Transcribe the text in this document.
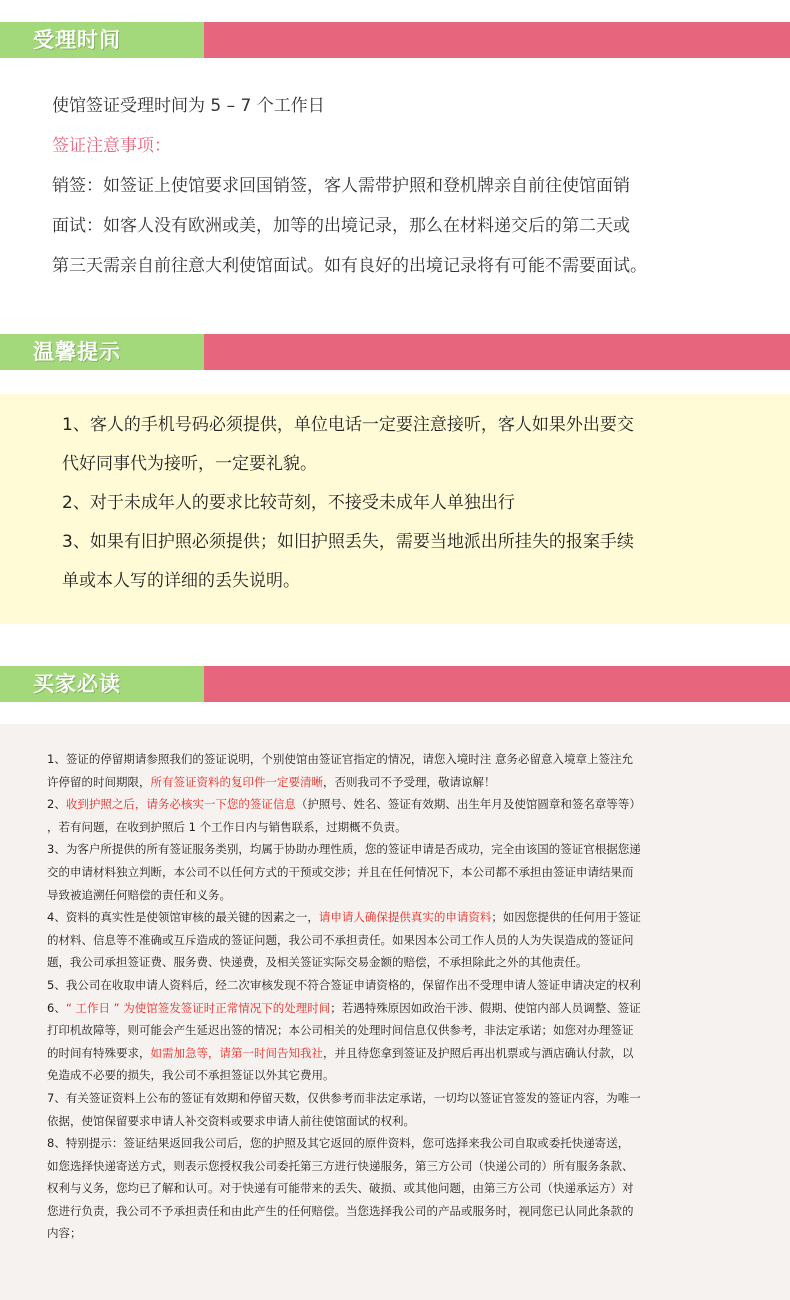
受理时间

使馆签证受理时间为 5 – 7 个工作日

签证注意事项：

销签：如签证上使馆要求回国销签，客人需带护照和登机牌亲自前往使馆面销

面试：如客人没有欧洲或美，加等的出境记录，那么在材料递交后的第二天或

第三天需亲自前往意大利使馆面试。如有良好的出境记录将有可能不需要面试。

温馨提示

1、客人的手机号码必须提供，单位电话一定要注意接听，客人如果外出要交

代好同事代为接听，一定要礼貌。

2、对于未成年人的要求比较苛刻，不接受未成年人单独出行

3、如果有旧护照必须提供；如旧护照丢失，需要当地派出所挂失的报案手续

单或本人写的详细的丢失说明。

买家必读

1、签证的停留期请参照我们的签证说明，个别使馆由签证官指定的情况，请您入境时注 意务必留意入境章上签注允

许停留的时间期限，所有签证资料的复印件一定要清晰，否则我司不予受理，敬请谅解！

2、收到护照之后，请务必核实一下您的签证信息（护照号、姓名、签证有效期、出生年月及使馆圆章和签名章等等）

，若有问题，在收到护照后 1 个工作日内与销售联系，过期概不负责。

3、为客户所提供的所有签证服务类别，均属于协助办理性质，您的签证申请是否成功，完全由该国的签证官根据您递

交的申请材料独立判断，本公司不以任何方式的干预或交涉；并且在任何情况下，本公司都不承担由签证申请结果而

导致被追溯任何赔偿的责任和义务。

4、资料的真实性是使领馆审核的最关键的因素之一，请申请人确保提供真实的申请资料；如因您提供的任何用于签证

的材料、信息等不准确或互斥造成的签证问题，我公司不承担责任。如果因本公司工作人员的人为失误造成的签证问

题，我公司承担签证费、服务费、快递费，及相关签证实际交易金额的赔偿，不承担除此之外的其他责任。

5、我公司在收取申请人资料后，经二次审核发现不符合签证申请资格的，保留作出不受理申请人签证申请决定的权利

6、“ 工作日 ” 为使馆签发签证时正常情况下的处理时间；若遇特殊原因如政治干涉、假期、使馆内部人员调整、签证

打印机故障等，则可能会产生延迟出签的情况；本公司相关的处理时间信息仅供参考，非法定承诺；如您对办理签证

的时间有特殊要求，如需加急等，请第一时间告知我社，并且待您拿到签证及护照后再出机票或与酒店确认付款，以

免造成不必要的损失，我公司不承担签证以外其它费用。

7、有关签证资料上公布的签证有效期和停留天数，仅供参考而非法定承诺，一切均以签证官签发的签证内容，为唯一

依据，使馆保留要求申请人补交资料或要求申请人前往使馆面试的权利。

8、特别提示：签证结果返回我公司后，您的护照及其它返回的原件资料，您可选择来我公司自取或委托快递寄送，

如您选择快递寄送方式，则表示您授权我公司委托第三方进行快递服务，第三方公司（快递公司的）所有服务条款、

权利与义务，您均已了解和认可。对于快递有可能带来的丢失、破损、或其他问题，由第三方公司（快递承运方）对

您进行负责，我公司不予承担责任和由此产生的任何赔偿。当您选择我公司的产品或服务时，视同您已认同此条款的

内容；
